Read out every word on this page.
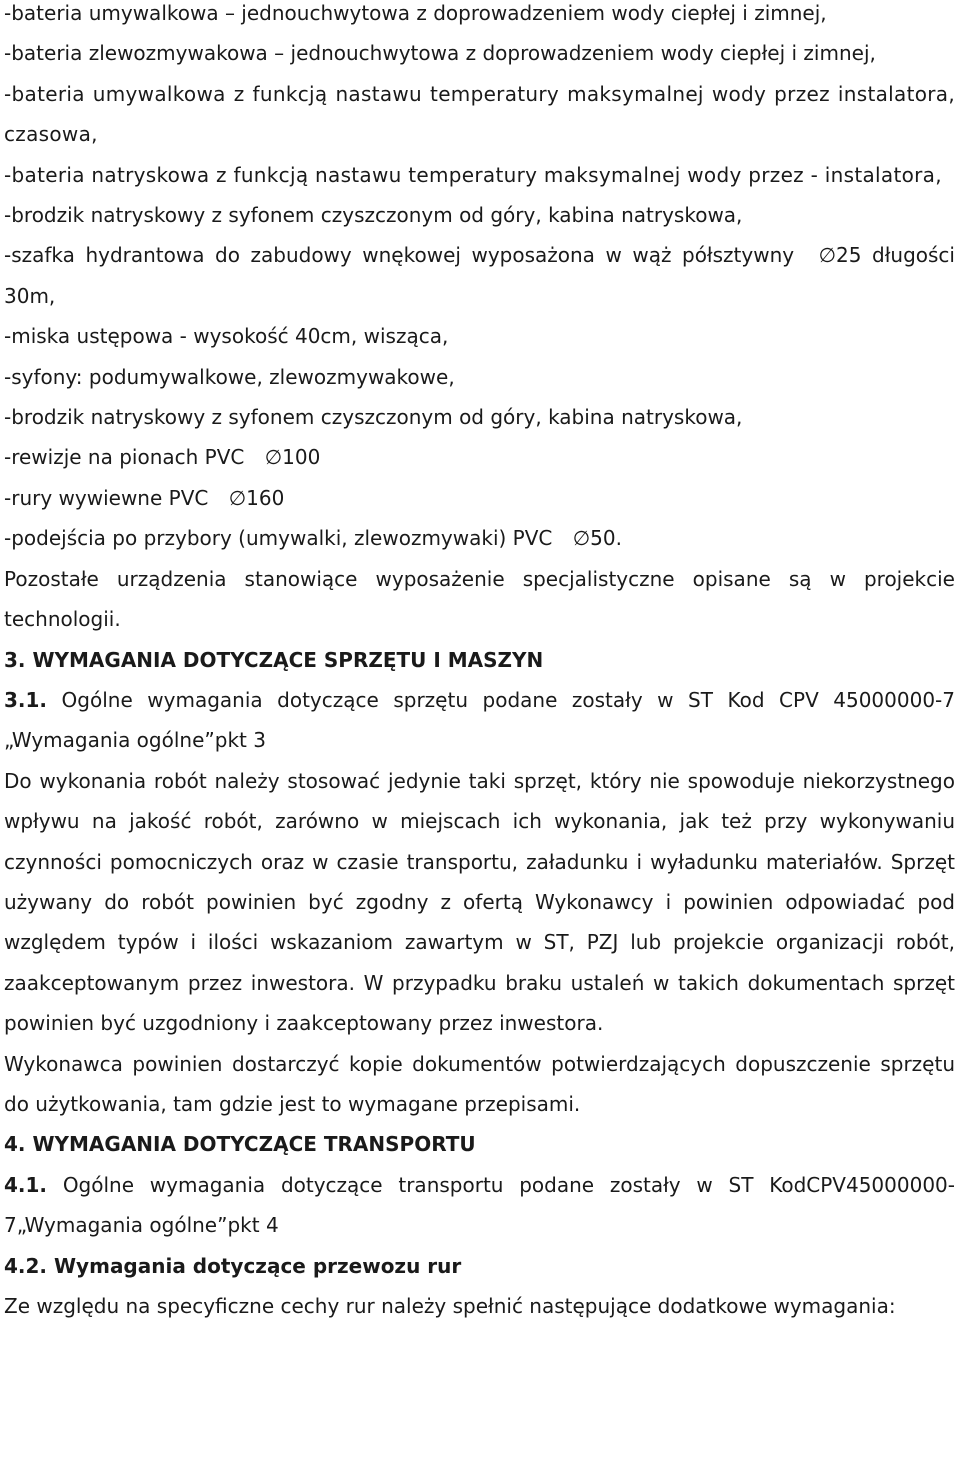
-bateria umywalkowa – jednouchwytowa z doprowadzeniem wody ciepłej i zimnej,

-bateria zlewozmywakowa – jednouchwytowa z doprowadzeniem wody ciepłej i zimnej,

-bateria umywalkowa z funkcją nastawu temperatury maksymalnej wody przez instalatora, czasowa,

-bateria natryskowa z funkcją nastawu temperatury maksymalnej wody przez - instalatora,

-brodzik natryskowy z syfonem czyszczonym od góry, kabina natryskowa,

-szafka hydrantowa do zabudowy wnękowej wyposażona w wąż półsztywny ∅25 długości 30m,

-miska ustępowa - wysokość 40cm, wisząca,

-syfony: podumywalkowe, zlewozmywakowe,

-brodzik natryskowy z syfonem czyszczonym od góry, kabina natryskowa,

-rewizje na pionach PVC ∅100

-rury wywiewne PVC ∅160

-podejścia po przybory (umywalki, zlewozmywaki) PVC ∅50.

Pozostałe urządzenia stanowiące wyposażenie specjalistyczne opisane są w projekcie technologii.

3. WYMAGANIA DOTYCZĄCE SPRZĘTU I MASZYN

3.1. Ogólne wymagania dotyczące sprzętu podane zostały w ST Kod CPV 45000000-7 „Wymagania ogólne”pkt 3

Do wykonania robót należy stosować jedynie taki sprzęt, który nie spowoduje niekorzystnego wpływu na jakość robót, zarówno w miejscach ich wykonania, jak też przy wykonywaniu czynności pomocniczych oraz w czasie transportu, załadunku i wyładunku materiałów. Sprzęt używany do robót powinien być zgodny z ofertą Wykonawcy i powinien odpowiadać pod względem typów i ilości wskazaniom zawartym w ST, PZJ lub projekcie organizacji robót, zaakceptowanym przez inwestora. W przypadku braku ustaleń w takich dokumentach sprzęt powinien być uzgodniony i zaakceptowany przez inwestora.

Wykonawca powinien dostarczyć kopie dokumentów potwierdzających dopuszczenie sprzętu do użytkowania, tam gdzie jest to wymagane przepisami.

4. WYMAGANIA DOTYCZĄCE TRANSPORTU

4.1. Ogólne wymagania dotyczące transportu podane zostały w ST KodCPV45000000-7„Wymagania ogólne”pkt 4

4.2. Wymagania dotyczące przewozu rur

Ze względu na specyficzne cechy rur należy spełnić następujące dodatkowe wymagania:
